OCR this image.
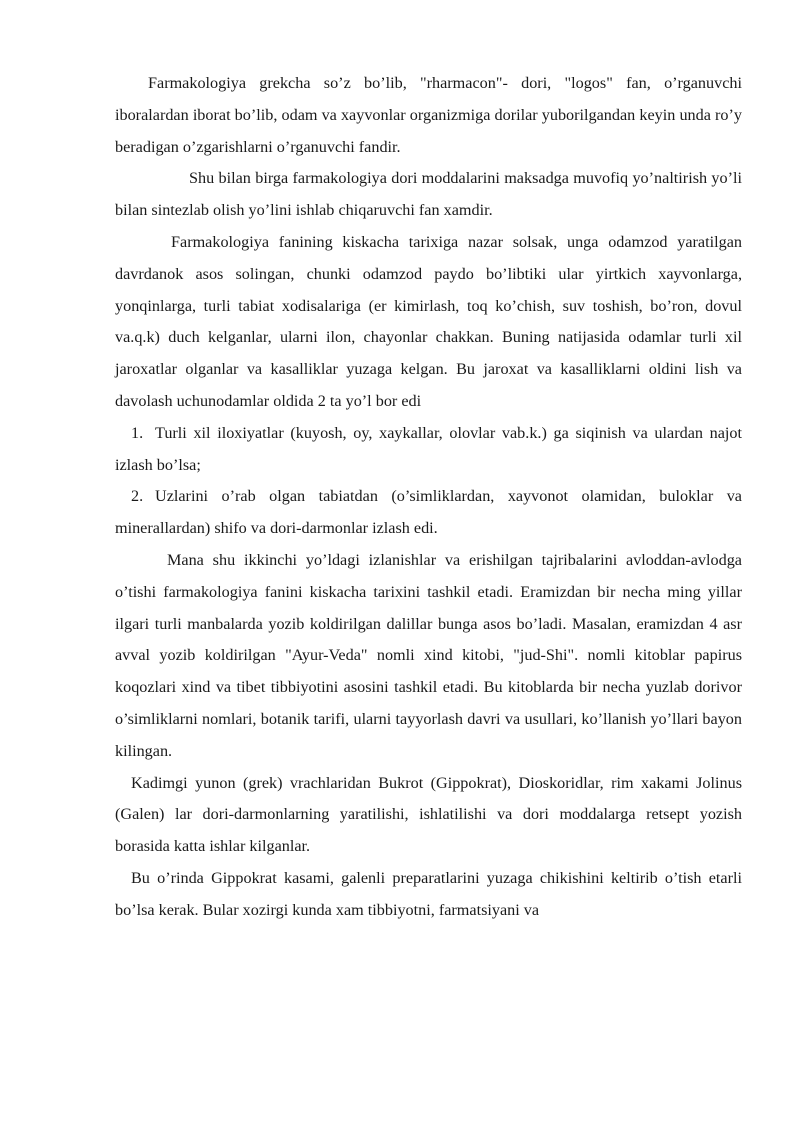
Farmakologiya grekcha so’z bo’lib, "rharmacon"- dori, "logos" fan, o’rganuvchi iboralardan iborat bo’lib, odam va xayvonlar organizmiga dorilar yuborilgandan keyin unda ro’y beradigan o’zgarishlarni o’rganuvchi fandir.

Shu bilan birga farmakologiya dori moddalarini maksadga muvofiq yo’naltirish yo’li bilan sintezlab olish yo’lini ishlab chiqaruvchi fan xamdir.

Farmakologiya fanining kiskacha tarixiga nazar solsak, unga odamzod yaratilgan davrdanok asos solingan, chunki odamzod paydo bo’libtiki ular yirtkich xayvonlarga, yonqinlarga, turli tabiat xodisalariga (er kimirlash, toq ko’chish, suv toshish, bo’ron, dovul va.q.k) duch kelganlar, ularni ilon, chayonlar chakkan. Buning natijasida odamlar turli xil jaroxatlar olganlar va kasalliklar yuzaga kelgan. Bu jaroxat va kasalliklarni oldini lish va davolash uchunodamlar oldida 2 ta yo’l bor edi

1. Turli xil iloxiyatlar (kuyosh, oy, xaykallar, olovlar vab.k.) ga siqinish va ulardan najot izlash bo’lsa;

2. Uzlarini o’rab olgan tabiatdan (o’simliklardan, xayvonot olamidan, buloklar va minerallardan) shifo va dori-darmonlar izlash edi.

Mana shu ikkinchi yo’ldagi izlanishlar va erishilgan tajribalarini avloddan-avlodga o’tishi farmakologiya fanini kiskacha tarixini tashkil etadi. Eramizdan bir necha ming yillar ilgari turli manbalarda yozib koldirilgan dalillar bunga asos bo’ladi. Masalan, eramizdan 4 asr avval yozib koldirilgan "Ayur-Veda" nomli xind kitobi, "jud-Shi". nomli kitoblar papirus koqozlari xind va tibet tibbiyotini asosini tashkil etadi. Bu kitoblarda bir necha yuzlab dorivor o’simliklarni nomlari, botanik tarifi, ularni tayyorlash davri va usullari, ko’llanish yo’llari bayon kilingan.

Kadimgi yunon (grek) vrachlaridan Bukrot (Gippokrat), Dioskoridlar, rim xakami Jolinus (Galen) lar dori-darmonlarning yaratilishi, ishlatilishi va dori moddalarga retsept yozish borasida katta ishlar kilganlar.

Bu o’rinda Gippokrat kasami, galenli preparatlarini yuzaga chikishini keltirib o’tish etarli bo’lsa kerak. Bular xozirgi kunda xam tibbiyotni, farmatsiyani va
